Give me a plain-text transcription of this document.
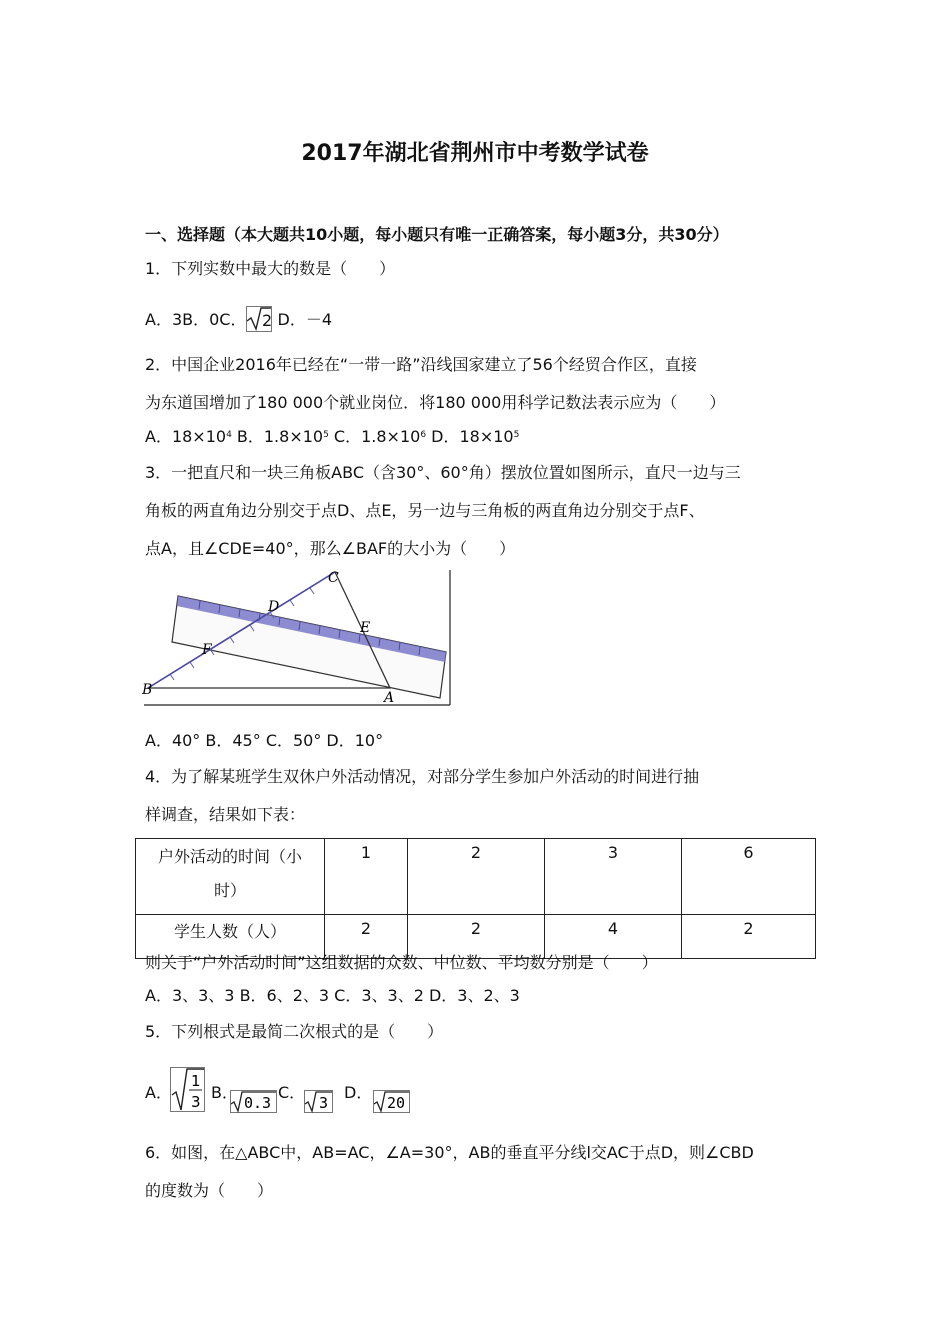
2017年湖北省荆州市中考数学试卷
一、选择题（本大题共10小题，每小题只有唯一正确答案，每小题3分，共30分）
1．下列实数中最大的数是（　　）
A．3B．0C． 2 D．－4
2．中国企业2016年已经在“一带一路”沿线国家建立了56个经贸合作区，直接
为东道国增加了180 000个就业岗位．将180 000用科学记数法表示应为（　　）
A．$18\times 10^4$ B．$1.8\times 10^5$ C．$1.8\times 10^6$ D．$18\times 10^5$
3．一把直尺和一块三角板ABC（含30°、60°角）摆放位置如图所示，直尺一边与三
角板的两直角边分别交于点D、点E，另一边与三角板的两直角边分别交于点F、
点A，且∠CDE=40°，那么∠BAF的大小为（　　）
C
D
E
F
B	A
A．40° B．45° C．50° D．10°
4．为了解某班学生双休户外活动情况，对部分学生参加户外活动的时间进行抽
样调查，结果如下表：
户外活动的时间（小
时）	1	2	3	6
学生人数（人）	2	2	4	2
则关于“户外活动时间”这组数据的众数、中位数、平均数分别是（　　）
A．3、3、3 B．6、2、3 C．3、3、2 D．3、2、3
5．下列根式是最简二次根式的是（　　）
A．
1
3 B．
0.3
C．
3
D．
20
6．如图，在△ABC中，AB=AC，∠A=30°，AB的垂直平分线l交AC于点D，则∠CBD
的度数为（　　）
